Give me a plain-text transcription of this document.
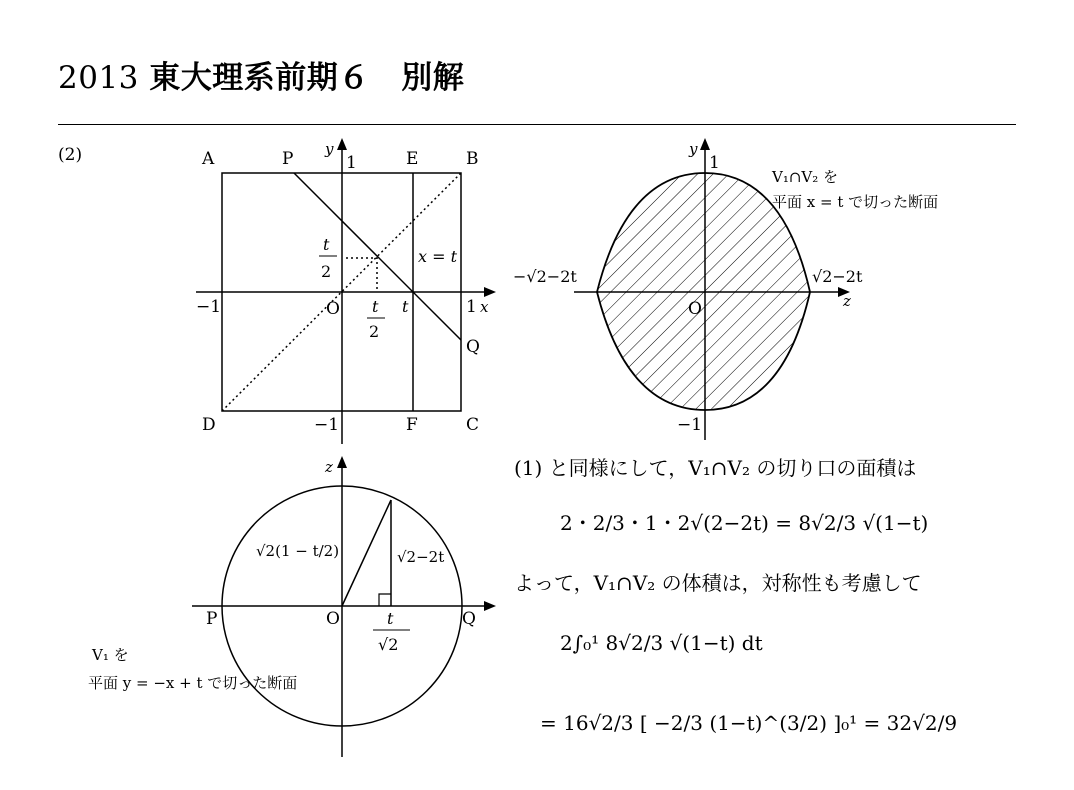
2013 東大理系前期６　別解
(2)	A	P	1	E	B
y
x = t
t
2
−1	O t
2
t	1 x
Q
D	−1	F	C
y
1
−√2−2t	√2−2t
z
O
−1
V₁∩V₂ を
平面 x = t で切った断面
z
√2(1 − t/2)	√2−2t
P	O	Q
t
√2
V₁ を
平面 y = −x + t で切った断面
(1) と同様にして，V₁∩V₂ の切り口の面積は
2・2/3・1・2√(2−2t) = 8√2/3 √(1−t)
よって，V₁∩V₂ の体積は，対称性も考慮して
2∫₀¹ 8√2/3 √(1−t) dt
= 16√2/3 [ −2/3 (1−t)^(3/2) ]₀¹ = 32√2/9
